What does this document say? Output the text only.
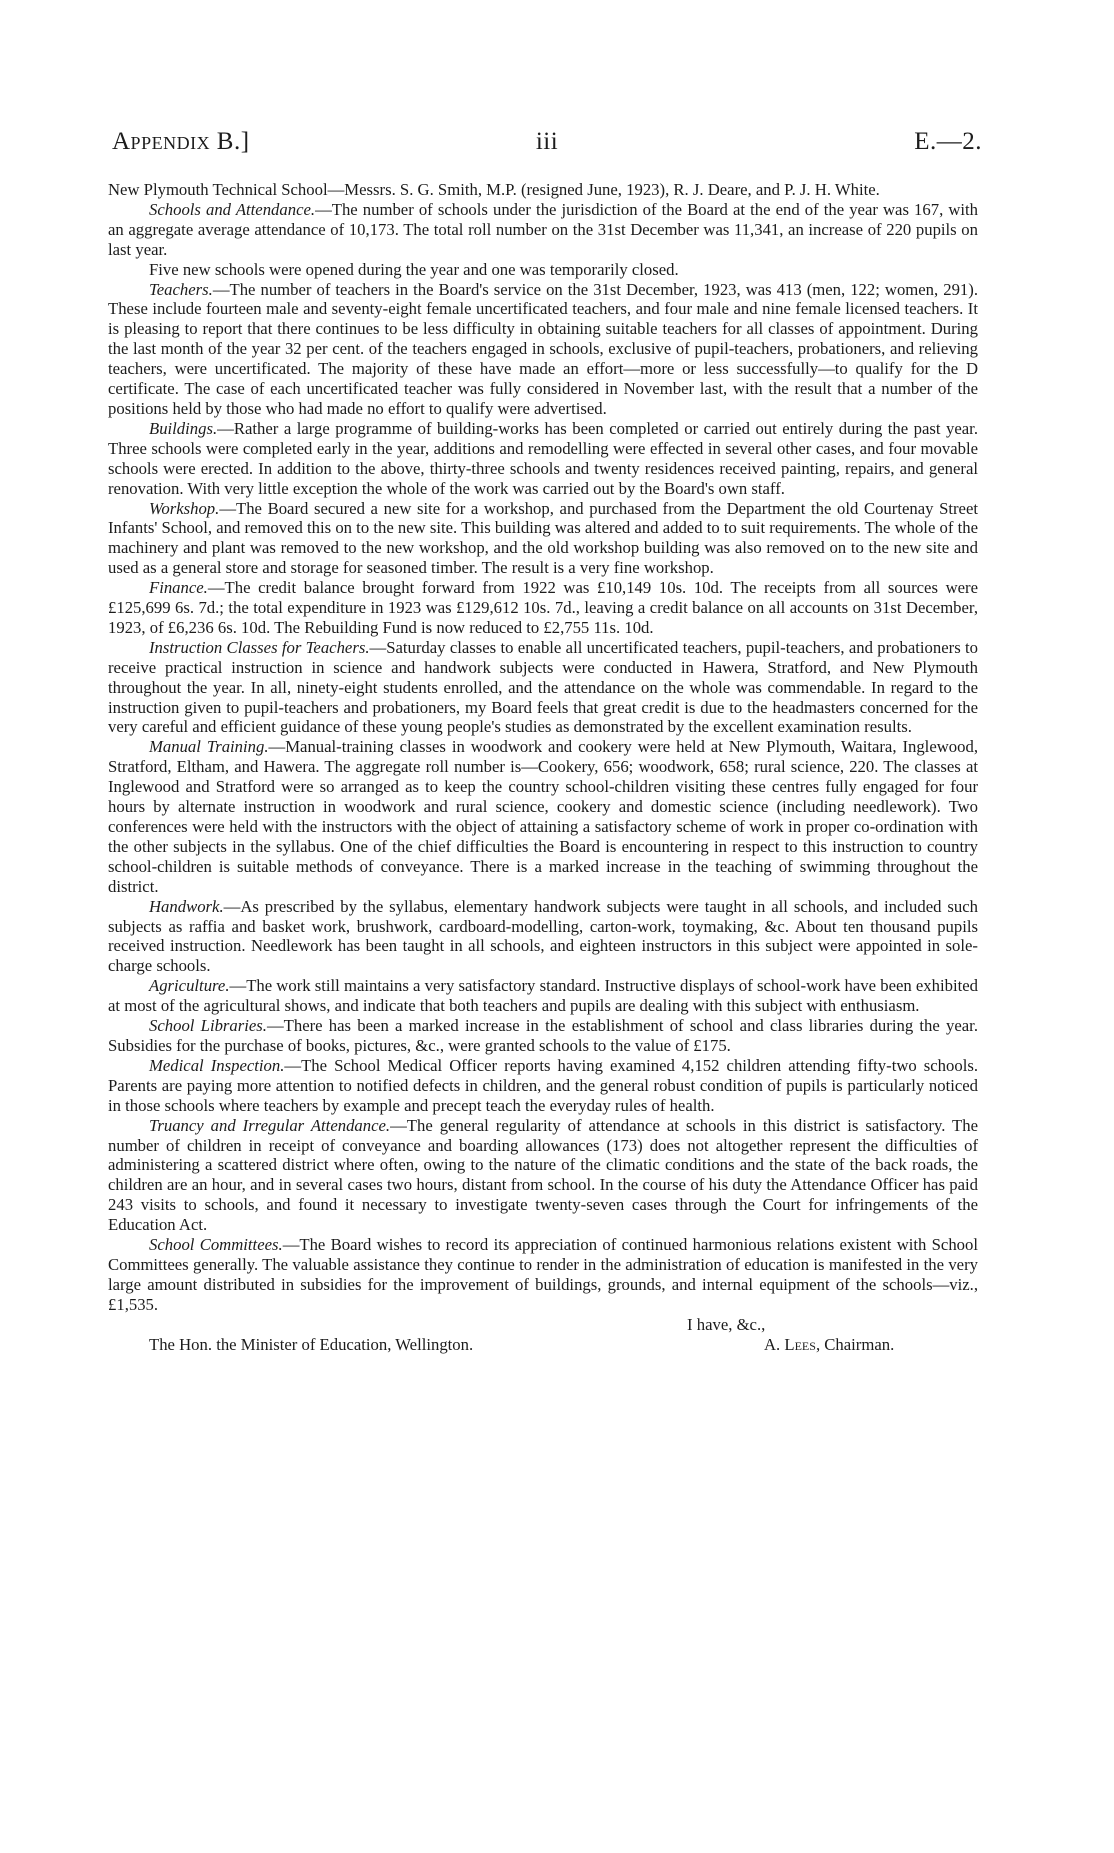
Appendix B.]	iii	E.—2.

New Plymouth Technical School—Messrs. S. G. Smith, M.P. (resigned June, 1923), R. J. Deare, and P. J. H. White.

Schools and Attendance.—The number of schools under the jurisdiction of the Board at the end of the year was 167, with an aggregate average attendance of 10,173. The total roll number on the 31st December was 11,341, an increase of 220 pupils on last year.

Five new schools were opened during the year and one was temporarily closed.

Teachers.—The number of teachers in the Board's service on the 31st December, 1923, was 413 (men, 122; women, 291). These include fourteen male and seventy-eight female uncertificated teachers, and four male and nine female licensed teachers. It is pleasing to report that there continues to be less difficulty in obtaining suitable teachers for all classes of appointment. During the last month of the year 32 per cent. of the teachers engaged in schools, exclusive of pupil-teachers, probationers, and relieving teachers, were uncertificated. The majority of these have made an effort—more or less successfully—to qualify for the D certificate. The case of each uncertificated teacher was fully considered in November last, with the result that a number of the positions held by those who had made no effort to qualify were advertised.

Buildings.—Rather a large programme of building-works has been completed or carried out entirely during the past year. Three schools were completed early in the year, additions and remodelling were effected in several other cases, and four movable schools were erected. In addition to the above, thirty-three schools and twenty residences received painting, repairs, and general renovation. With very little exception the whole of the work was carried out by the Board's own staff.

Workshop.—The Board secured a new site for a workshop, and purchased from the Department the old Courtenay Street Infants' School, and removed this on to the new site. This building was altered and added to to suit requirements. The whole of the machinery and plant was removed to the new workshop, and the old workshop building was also removed on to the new site and used as a general store and storage for seasoned timber. The result is a very fine workshop.

Finance.—The credit balance brought forward from 1922 was £10,149 10s. 10d. The receipts from all sources were £125,699 6s. 7d.; the total expenditure in 1923 was £129,612 10s. 7d., leaving a credit balance on all accounts on 31st December, 1923, of £6,236 6s. 10d. The Rebuilding Fund is now reduced to £2,755 11s. 10d.

Instruction Classes for Teachers.—Saturday classes to enable all uncertificated teachers, pupil-teachers, and probationers to receive practical instruction in science and handwork subjects were conducted in Hawera, Stratford, and New Plymouth throughout the year. In all, ninety-eight students enrolled, and the attendance on the whole was commendable. In regard to the instruction given to pupil-teachers and probationers, my Board feels that great credit is due to the headmasters concerned for the very careful and efficient guidance of these young people's studies as demonstrated by the excellent examination results.

Manual Training.—Manual-training classes in woodwork and cookery were held at New Plymouth, Waitara, Inglewood, Stratford, Eltham, and Hawera. The aggregate roll number is—Cookery, 656; woodwork, 658; rural science, 220. The classes at Inglewood and Stratford were so arranged as to keep the country school-children visiting these centres fully engaged for four hours by alternate instruction in woodwork and rural science, cookery and domestic science (including needlework). Two conferences were held with the instructors with the object of attaining a satisfactory scheme of work in proper co-ordination with the other subjects in the syllabus. One of the chief difficulties the Board is encountering in respect to this instruction to country school-children is suitable methods of conveyance. There is a marked increase in the teaching of swimming throughout the district.

Handwork.—As prescribed by the syllabus, elementary handwork subjects were taught in all schools, and included such subjects as raffia and basket work, brushwork, cardboard-modelling, carton-work, toymaking, &c. About ten thousand pupils received instruction. Needlework has been taught in all schools, and eighteen instructors in this subject were appointed in sole-charge schools.

Agriculture.—The work still maintains a very satisfactory standard. Instructive displays of school-work have been exhibited at most of the agricultural shows, and indicate that both teachers and pupils are dealing with this subject with enthusiasm.

School Libraries.—There has been a marked increase in the establishment of school and class libraries during the year. Subsidies for the purchase of books, pictures, &c., were granted schools to the value of £175.

Medical Inspection.—The School Medical Officer reports having examined 4,152 children attending fifty-two schools. Parents are paying more attention to notified defects in children, and the general robust condition of pupils is particularly noticed in those schools where teachers by example and precept teach the everyday rules of health.

Truancy and Irregular Attendance.—The general regularity of attendance at schools in this district is satisfactory. The number of children in receipt of conveyance and boarding allowances (173) does not altogether represent the difficulties of administering a scattered district where often, owing to the nature of the climatic conditions and the state of the back roads, the children are an hour, and in several cases two hours, distant from school. In the course of his duty the Attendance Officer has paid 243 visits to schools, and found it necessary to investigate twenty-seven cases through the Court for infringements of the Education Act.

School Committees.—The Board wishes to record its appreciation of continued harmonious relations existent with School Committees generally. The valuable assistance they continue to render in the administration of education is manifested in the very large amount distributed in subsidies for the improvement of buildings, grounds, and internal equipment of the schools—viz., £1,535.

I have, &c.,

The Hon. the Minister of Education, Wellington.	A. Lees, Chairman.
